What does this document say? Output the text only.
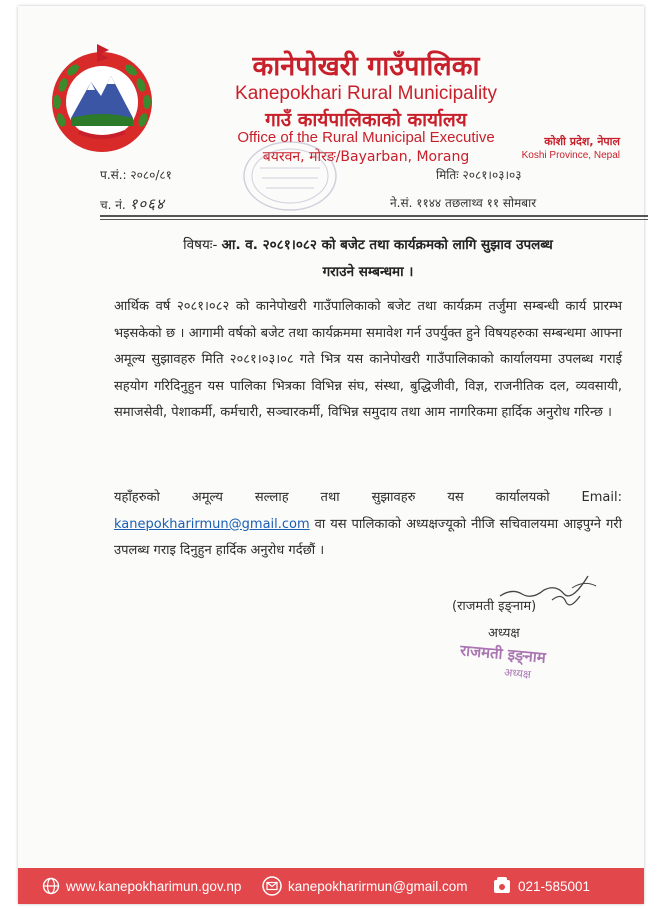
कानेपोखरी गाउँपालिका
Kanepokhari Rural Municipality
गाउँ कार्यपालिकाको कार्यालय
Office of the Rural Municipal Executive
बयरवन, मोरङ/Bayarban, Morang
कोशी प्रदेश, नेपाल
Koshi Province, Nepal
प.सं.: २०८०/८१
च. नं. १०६४
मितिः २०८१।०३।०३
ने.सं. ११४४ तछलाथ्व ११ सोमबार
विषयः- आ. व. २०८१।०८२ को बजेट तथा कार्यक्रमको लागि सुझाव उपलब्ध
गराउने सम्बन्धमा ।
आर्थिक वर्ष २०८१।०८२ को कानेपोखरी गाउँपालिकाको बजेट तथा कार्यक्रम तर्जुमा सम्बन्धी कार्य प्रारम्भ भइसकेको छ । आगामी वर्षको बजेट तथा कार्यक्रममा समावेश गर्न उपर्युक्त हुने विषयहरुका सम्बन्धमा आफ्ना अमूल्य सुझावहरु मिति २०८१।०३।०८ गते भित्र यस कानेपोखरी गाउँपालिकाको कार्यालयमा उपलब्ध गराई सहयोग गरिदिनुहुन यस पालिका भित्रका विभिन्न संघ, संस्था, बुद्धिजीवी, विज्ञ, राजनीतिक दल, व्यवसायी, समाजसेवी, पेशाकर्मी, कर्मचारी, सञ्चारकर्मी, विभिन्न समुदाय तथा आम नागरिकमा हार्दिक अनुरोध गरिन्छ ।
यहाँहरुको अमूल्य सल्लाह तथा सुझावहरु यस कार्यालयको Email: kanepokharirmun@gmail.com वा यस पालिकाको अध्यक्षज्यूको नीजि सचिवालयमा आइपुग्ने गरी उपलब्ध गराइ दिनुहुन हार्दिक अनुरोध गर्दछौं ।
(राजमती इङ्नाम)
अध्यक्ष
राजमती इङ्नाम
अध्यक्ष
www.kanepokharimun.gov.np	kanepokharirmun@gmail.com	021-585001
